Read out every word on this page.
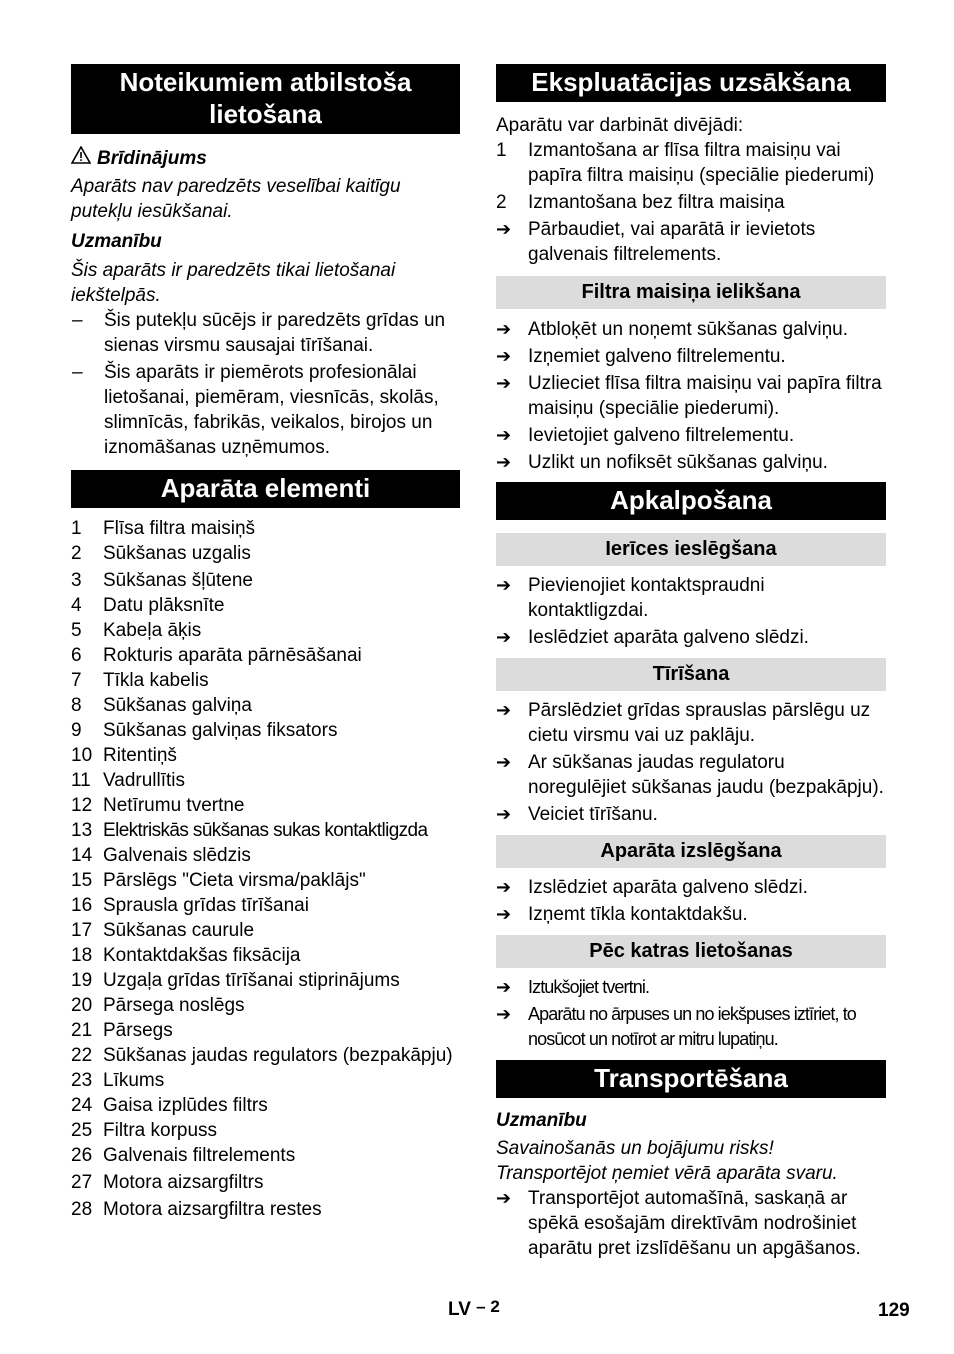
Noteikumiem atbilstoša lietošana

Brīdinājums

Aparāts nav paredzēts veselībai kaitīgu putekļu iesūkšanai.

Uzmanību

Šis aparāts ir paredzēts tikai lietošanai iekštelpās.

–	Šis putekļu sūcējs ir paredzēts grīdas un sienas virsmu sausajai tīrīšanai.
–	Šis aparāts ir piemērots profesionālai lietošanai, piemēram, viesnīcās, skolās, slimnīcās, fabrikās, veikalos, birojos un iznomāšanas uzņēmumos.
Aparāta elementi
1	Flīsa filtra maisiņš
2	Sūkšanas uzgalis
3	Sūkšanas šļūtene
4	Datu plāksnīte
5	Kabeļa āķis
6	Rokturis aparāta pārnēsāšanai
7	Tīkla kabelis
8	Sūkšanas galviņa
9	Sūkšanas galviņas fiksators
10 Ritentiņš
11 Vadrullītis
12 Netīrumu tvertne
13 Elektriskās sūkšanas sukas kontaktligzda
14 Galvenais slēdzis
15 Pārslēgs "Cieta virsma/paklājs"
16 Sprausla grīdas tīrīšanai
17 Sūkšanas caurule
18 Kontaktdakšas fiksācija
19 Uzgaļa grīdas tīrīšanai stiprinājums
20 Pārsega noslēgs
21 Pārsegs
22 Sūkšanas jaudas regulators (bezpakāpju)
23 Līkums
24 Gaisa izplūdes filtrs
25 Filtra korpuss
26 Galvenais filtrelements
27 Motora aizsargfiltrs
28 Motora aizsargfiltra restes
Ekspluatācijas uzsākšana

Aparātu var darbināt divējādi:

1	Izmantošana ar flīsa filtra maisiņu vai papīra filtra maisiņu (speciālie piederumi)
2	Izmantošana bez filtra maisiņa
➔ Pārbaudiet, vai aparātā ir ievietots galvenais filtrelements.
Filtra maisiņa ielikšana
➔ Atbloķēt un noņemt sūkšanas galviņu.
➔ Izņemiet galveno filtrelementu.
➔ Uzlieciet flīsa filtra maisiņu vai papīra filtra maisiņu (speciālie piederumi).
➔ Ievietojiet galveno filtrelementu.
➔ Uzlikt un nofiksēt sūkšanas galviņu.
Apkalpošana
Ierīces ieslēgšana
➔ Pievienojiet kontaktspraudni kontaktligzdai.
➔ Ieslēdziet aparāta galveno slēdzi.
Tīrīšana
➔ Pārslēdziet grīdas sprauslas pārslēgu uz cietu virsmu vai uz paklāju.
➔ Ar sūkšanas jaudas regulatoru noregulējiet sūkšanas jaudu (bezpakāpju).
➔ Veiciet tīrīšanu.
Aparāta izslēgšana
➔ Izslēdziet aparāta galveno slēdzi.
➔ Izņemt tīkla kontaktdakšu.
Pēc katras lietošanas
➔ Iztukšojiet tvertni.
➔ Aparātu no ārpuses un no iekšpuses iztīriet, to nosūcot un notīrot ar mitru lupatiņu.
Transportēšana

Uzmanību

Savainošanās un bojājumu risks! Transportējot ņemiet vērā aparāta svaru.

➔ Transportējot automašīnā, saskaņā ar spēkā esošajām direktīvām nodrošiniet aparātu pret izslīdēšanu un apgāšanos.
LV – 2	129
